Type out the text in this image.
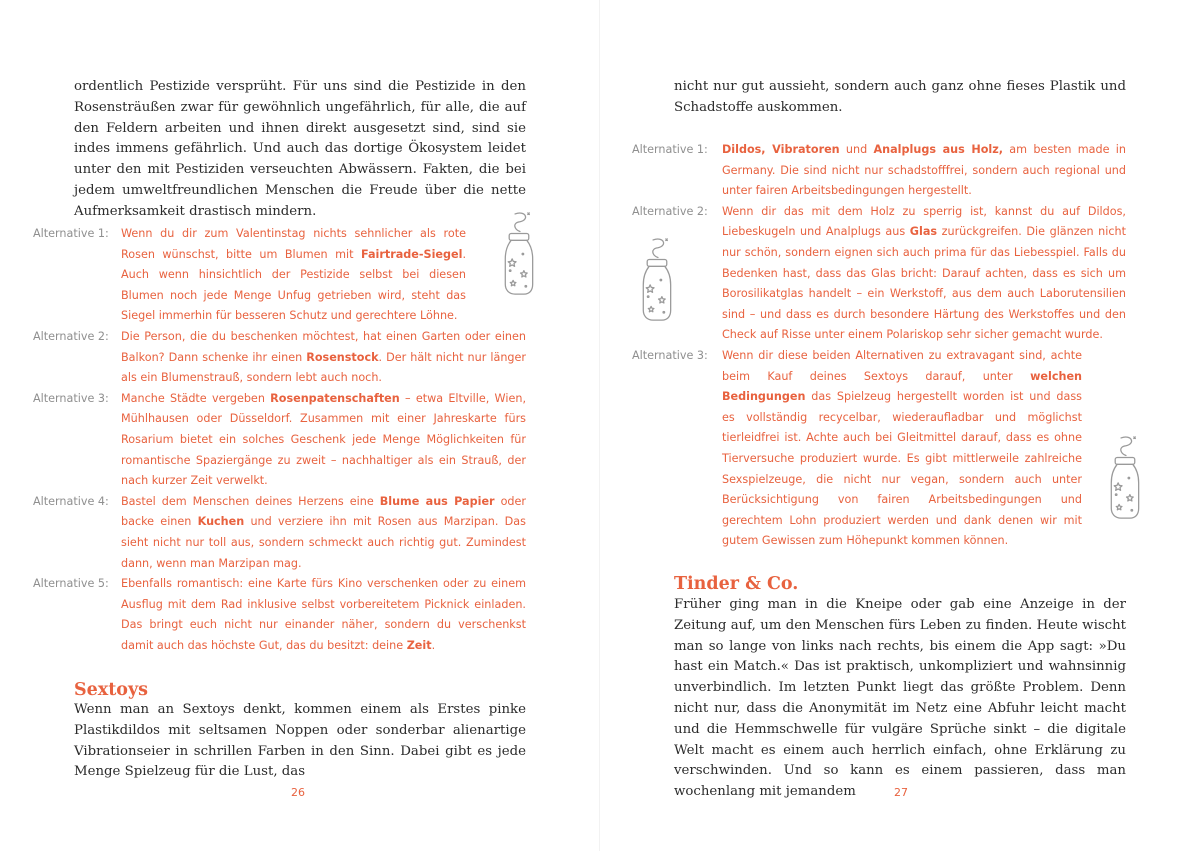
ordentlich Pestizide versprüht. Für uns sind die Pestizide in den Rosensträußen zwar für gewöhnlich ungefährlich, für alle, die auf den Feldern arbeiten und ihnen direkt ausgesetzt sind, sind sie indes immens gefährlich. Und auch das dortige Ökosystem leidet unter den mit Pestiziden verseuchten Abwässern. Fakten, die bei jedem umweltfreundlichen Menschen die Freude über die nette Aufmerksamkeit drastisch mindern.

Alternative 1:	Wenn du dir zum Valentinstag nichts sehnlicher als rote Rosen wünschst, bitte um Blumen mit Fairtrade-Siegel. Auch wenn hinsichtlich der Pestizide selbst bei diesen Blumen noch jede Menge Unfug getrieben wird, steht das Siegel immerhin für besseren Schutz und gerechtere Löhne.
Alternative 2:	Die Person, die du beschenken möchtest, hat einen Garten oder einen Balkon? Dann schenke ihr einen Rosenstock. Der hält nicht nur länger als ein Blumenstrauß, sondern lebt auch noch.
Alternative 3:	Manche Städte vergeben Rosenpatenschaften – etwa Eltville, Wien, Mühlhausen oder Düsseldorf. Zusammen mit einer Jahreskarte fürs Rosarium bietet ein solches Geschenk jede Menge Möglichkeiten für romantische Spaziergänge zu zweit – nachhaltiger als ein Strauß, der nach kurzer Zeit verwelkt.
Alternative 4:	Bastel dem Menschen deines Herzens eine Blume aus Papier oder backe einen Kuchen und verziere ihn mit Rosen aus Marzipan. Das sieht nicht nur toll aus, sondern schmeckt auch richtig gut. Zumindest dann, wenn man Marzipan mag.
Alternative 5:	Ebenfalls romantisch: eine Karte fürs Kino verschenken oder zu einem Ausflug mit dem Rad inklusive selbst vorbereitetem Picknick einladen. Das bringt euch nicht nur einander näher, sondern du verschenkst damit auch das höchste Gut, das du besitzt: deine Zeit.
Sextoys

Wenn man an Sextoys denkt, kommen einem als Erstes pinke Plastikdildos mit seltsamen Noppen oder sonderbar alienartige Vibrationseier in schrillen Farben in den Sinn. Dabei gibt es jede Menge Spielzeug für die Lust, das

26

nicht nur gut aussieht, sondern auch ganz ohne fieses Plastik und Schadstoffe auskommen.

Alternative 1:	Dildos, Vibratoren und Analplugs aus Holz, am besten made in Germany. Die sind nicht nur schadstofffrei, sondern auch regional und unter fairen Arbeitsbedingungen hergestellt.
Alternative 2:	Wenn dir das mit dem Holz zu sperrig ist, kannst du auf Dildos, Liebeskugeln und Analplugs aus Glas zurückgreifen. Die glänzen nicht nur schön, sondern eignen sich auch prima für das Liebesspiel. Falls du Bedenken hast, dass das Glas bricht: Darauf achten, dass es sich um Borosilikatglas handelt – ein Werkstoff, aus dem auch Laborutensilien sind – und dass es durch besondere Härtung des Werkstoffes und den Check auf Risse unter einem Polariskop sehr sicher gemacht wurde.
Alternative 3:	Wenn dir diese beiden Alternativen zu extravagant sind, achte beim Kauf deines Sextoys darauf, unter welchen Bedingungen das Spielzeug hergestellt worden ist und dass es vollständig recycelbar, wiederaufladbar und möglichst tierleidfrei ist. Achte auch bei Gleitmittel darauf, dass es ohne Tierversuche produziert wurde. Es gibt mittlerweile zahlreiche Sexspielzeuge, die nicht nur vegan, sondern auch unter Berücksichtigung von fairen Arbeitsbedingungen und gerechtem Lohn produziert werden und dank denen wir mit gutem Gewissen zum Höhepunkt kommen können.
Tinder & Co.

Früher ging man in die Kneipe oder gab eine Anzeige in der Zeitung auf, um den Menschen fürs Leben zu finden. Heute wischt man so lange von links nach rechts, bis einem die App sagt: »Du hast ein Match.« Das ist praktisch, unkompliziert und wahnsinnig unverbindlich. Im letzten Punkt liegt das größte Problem. Denn nicht nur, dass die Anonymität im Netz eine Abfuhr leicht macht und die Hemmschwelle für vulgäre Sprüche sinkt – die digitale Welt macht es einem auch herrlich einfach, ohne Erklärung zu verschwinden. Und so kann es einem passieren, dass man wochenlang mit jemandem	27
